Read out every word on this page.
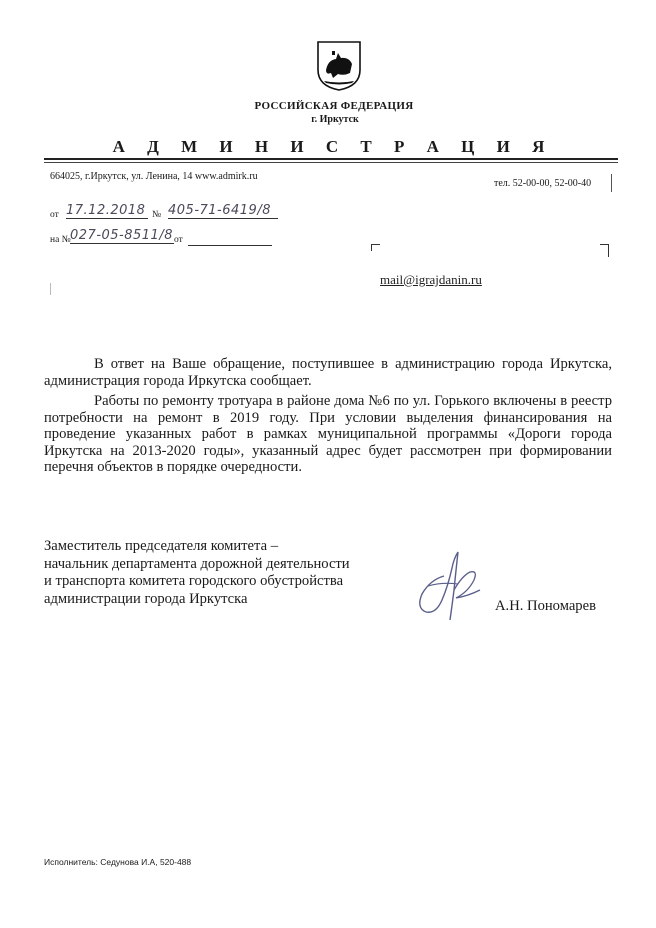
РОССИЙСКАЯ ФЕДЕРАЦИЯ
г. Иркутск
А Д М И Н И С Т Р А Ц И Я
664025, г.Иркутск, ул. Ленина, 14 www.admirk.ru
тел. 52-00-00, 52-00-40
от 17.12.2018 № 405-71-6419/8
на № 027-05-8511/8 от
mail@igrajdanin.ru
В ответ на Ваше обращение, поступившее в администрацию города Иркутска, администрация города Иркутска сообщает.
Работы по ремонту тротуара в районе дома №6 по ул. Горького включены в реестр потребности на ремонт в 2019 году. При условии выделения финансирования на проведение указанных работ в рамках муниципальной программы «Дороги города Иркутска на 2013-2020 годы», указанный адрес будет рассмотрен при формировании перечня объектов в порядке очередности.
Заместитель председателя комитета –
начальник департамента дорожной деятельности
и транспорта комитета городского обустройства
администрации города Иркутска	А.Н. Пономарев
Исполнитель: Седунова И.А, 520-488
